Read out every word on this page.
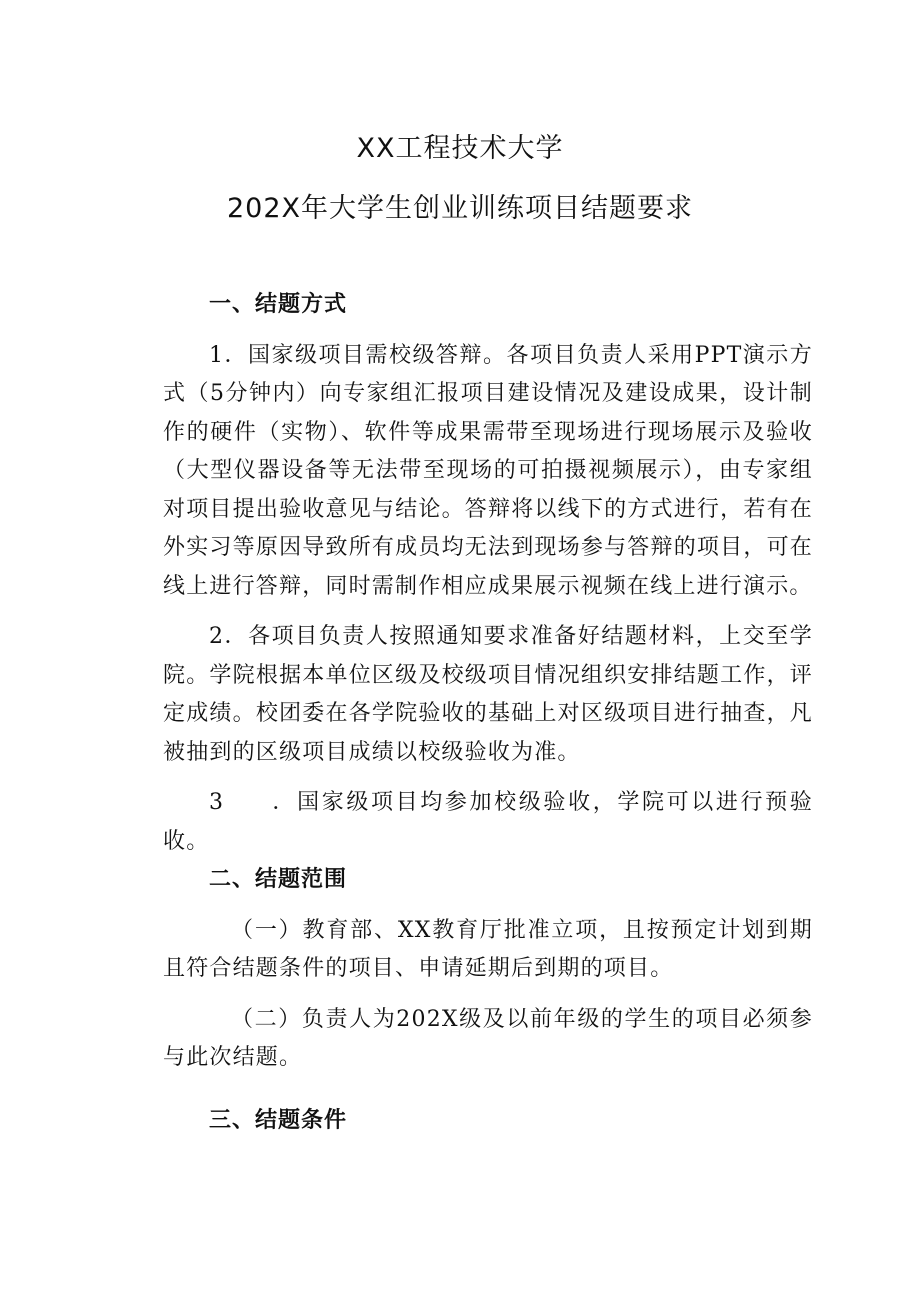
XX工程技术大学
202X年大学生创业训练项目结题要求

一、结题方式

1．国家级项目需校级答辩。各项目负责人采用PPT演示方式（5分钟内）向专家组汇报项目建设情况及建设成果，设计制作的硬件（实物）、软件等成果需带至现场进行现场展示及验收（大型仪器设备等无法带至现场的可拍摄视频展示），由专家组对项目提出验收意见与结论。答辩将以线下的方式进行，若有在外实习等原因导致所有成员均无法到现场参与答辩的项目，可在线上进行答辩，同时需制作相应成果展示视频在线上进行演示。

2．各项目负责人按照通知要求准备好结题材料，上交至学院。学院根据本单位区级及校级项目情况组织安排结题工作，评定成绩。校团委在各学院验收的基础上对区级项目进行抽查，凡被抽到的区级项目成绩以校级验收为准。

3 ．国家级项目均参加校级验收，学院可以进行预验收。

二、结题范围

（一）教育部、XX教育厅批准立项，且按预定计划到期且符合结题条件的项目、申请延期后到期的项目。

（二）负责人为202X级及以前年级的学生的项目必须参与此次结题。

三、结题条件
